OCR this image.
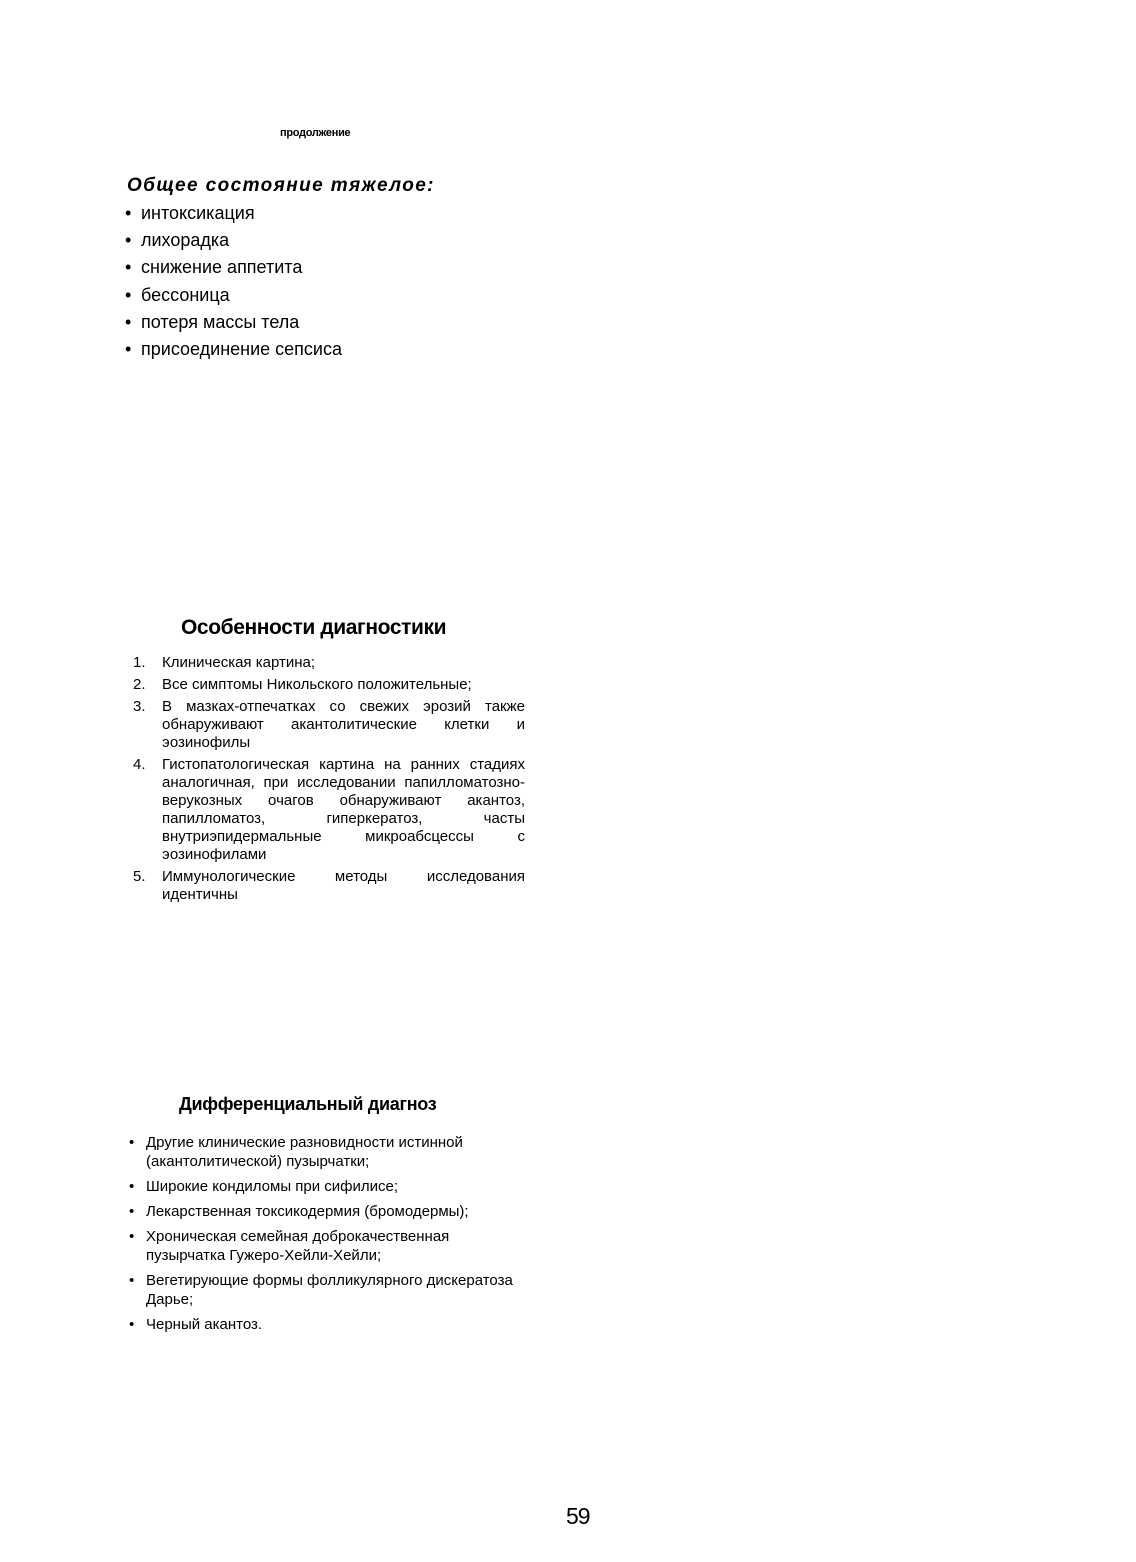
продолжение
Общее состояние тяжелое:
• интоксикация
• лихорадка
• снижение аппетита
• бессоница
• потеря массы тела
• присоединение сепсиса
Особенности диагностики
1. Клиническая картина;
2. Все симптомы Никольского положительные;
3. В мазках-отпечатках со свежих эрозий также обнаруживают акантолитические клетки и эозинофилы
4. Гистопатологическая картина на ранних стадиях аналогичная, при исследовании папилломатозно-верукозных очагов обнаруживают акантоз, папилломатоз, гиперкератоз, часты внутриэпидермальные микроабсцессы с эозинофилами
5. Иммунологические методы исследования идентичны
Дифференциальный диагноз
• Другие клинические разновидности истинной (акантолитической) пузырчатки;
• Широкие кондиломы при сифилисе;
• Лекарственная токсикодермия (бромодермы);
• Хроническая семейная доброкачественная пузырчатка Гужеро-Хейли-Хейли;
• Вегетирующие формы фолликулярного дискератоза Дарье;
• Черный акантоз.
59
